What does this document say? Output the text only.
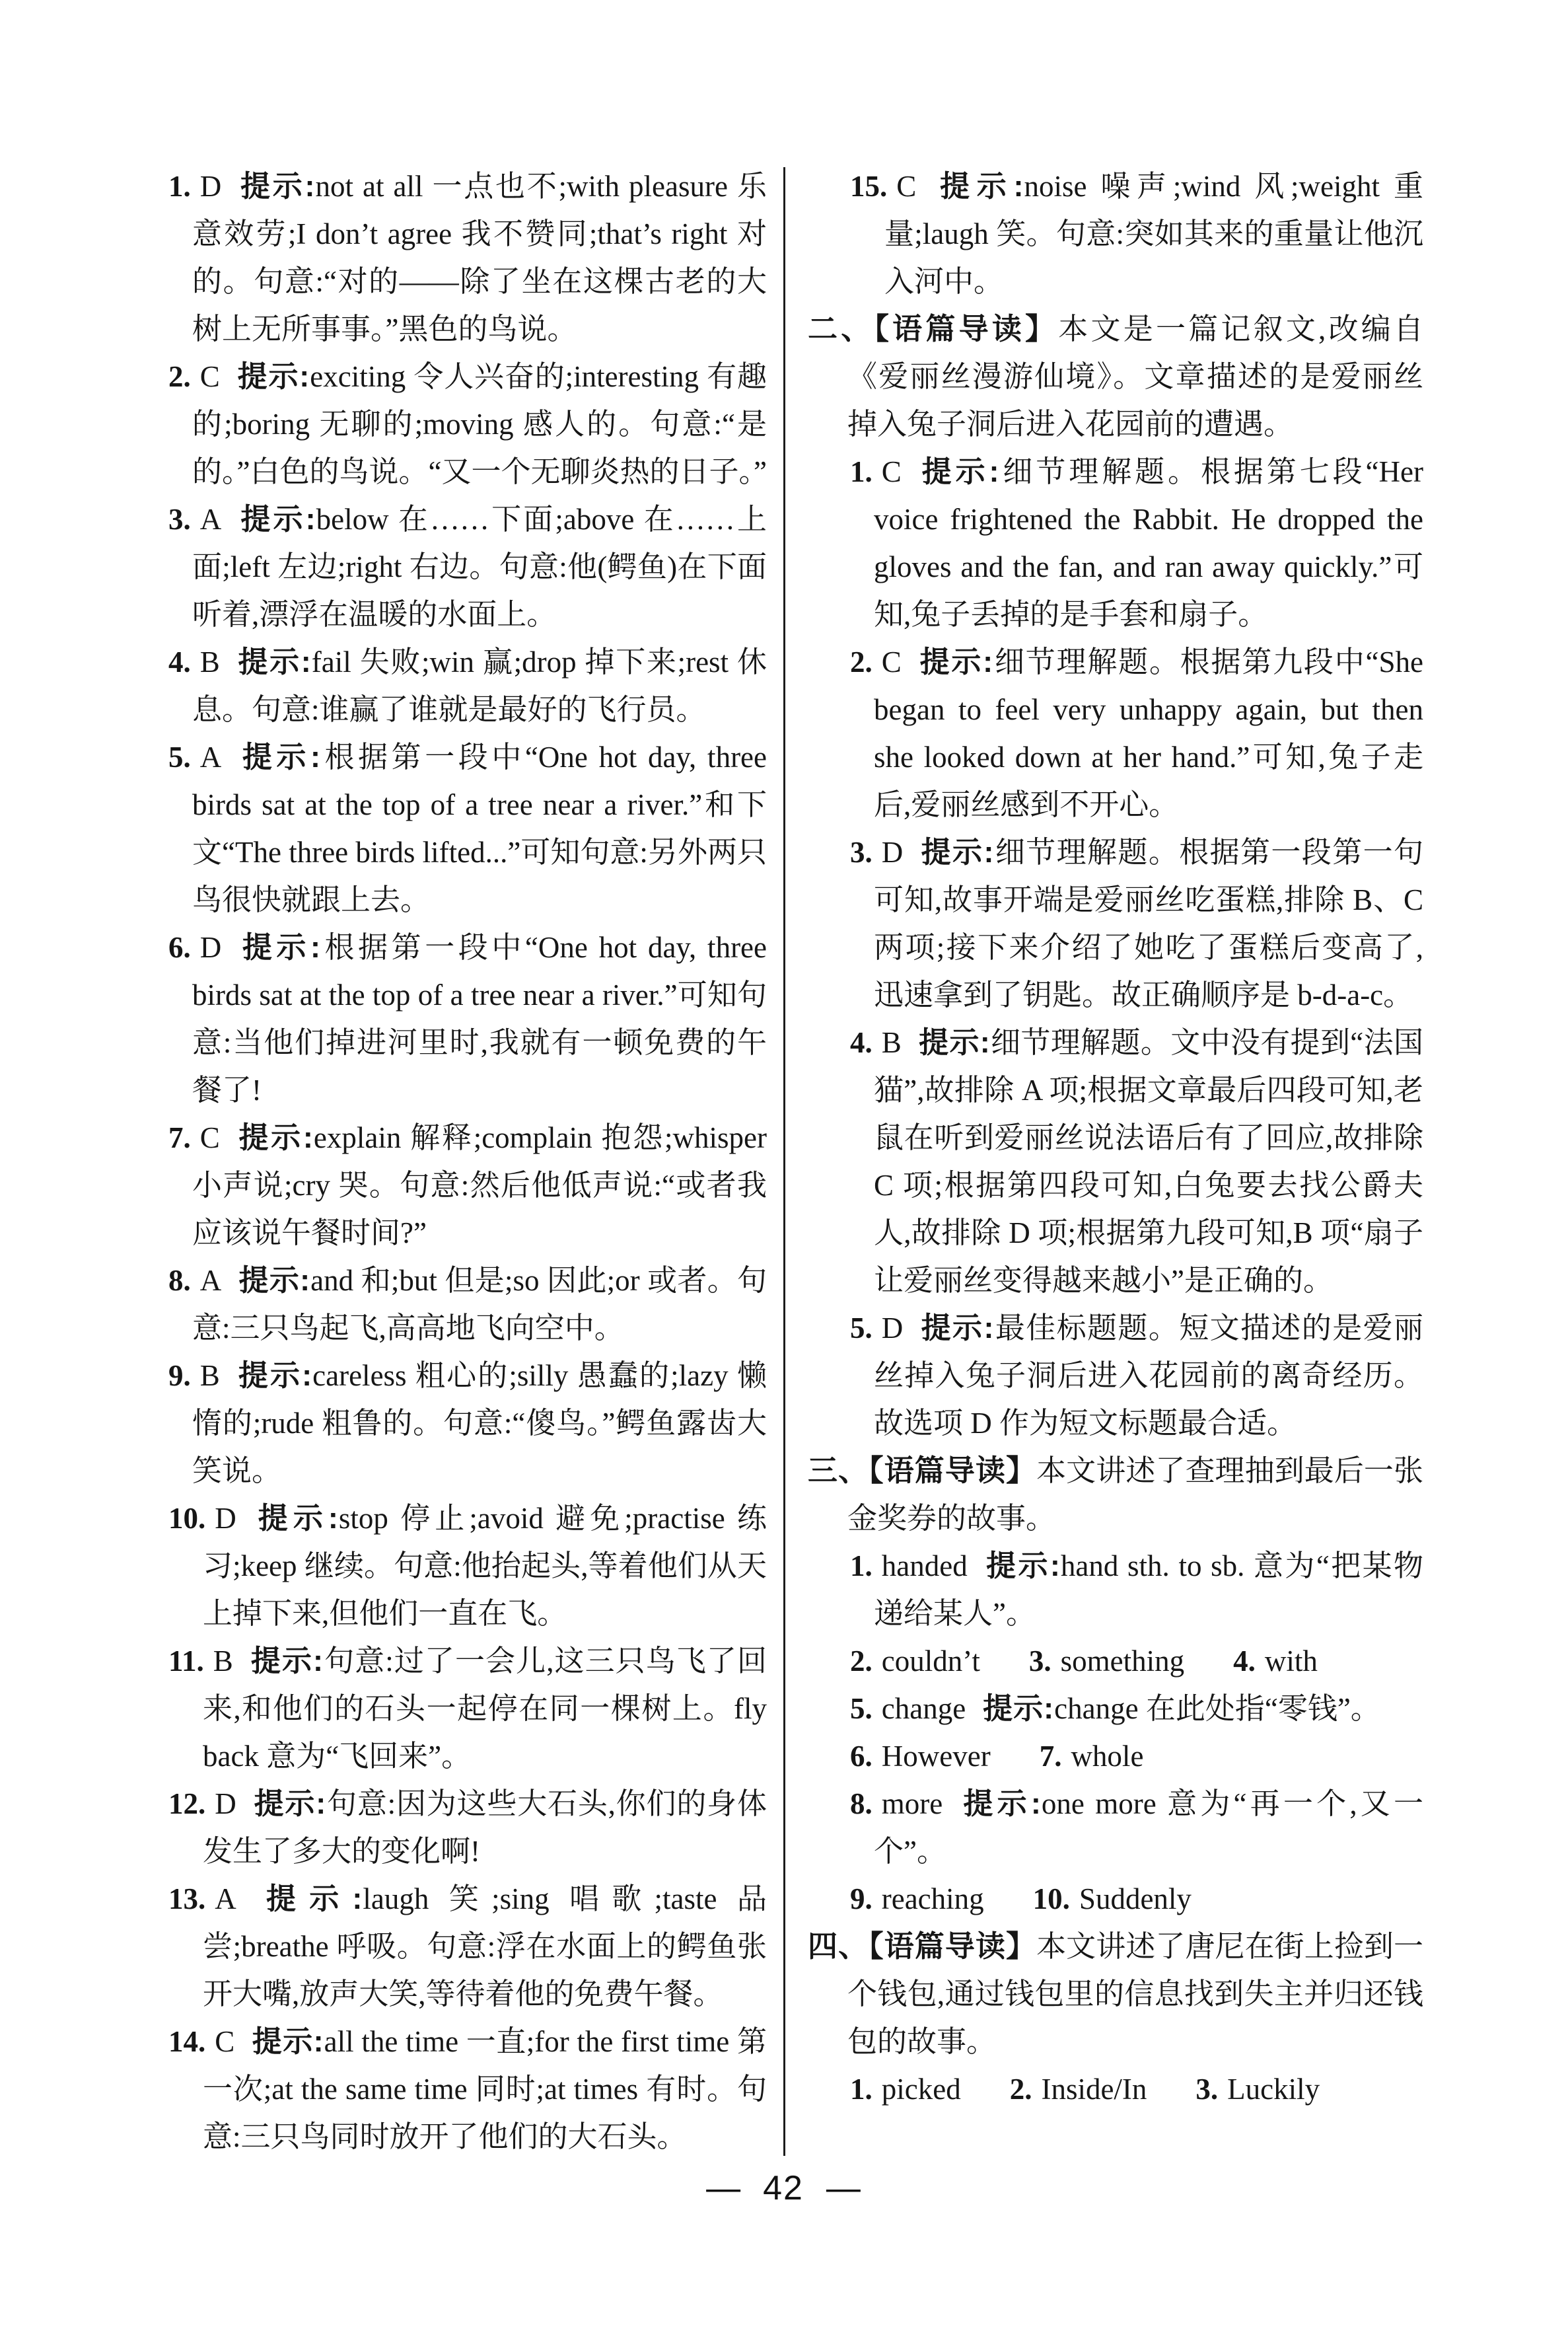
1. D 提示:not at all 一点也不;with pleasure 乐意效劳;I don’t agree 我不赞同;that’s right 对的。句意:“对的——除了坐在这棵古老的大树上无所事事。”黑色的鸟说。
2. C 提示:exciting 令人兴奋的;interesting 有趣的;boring 无聊的;moving 感人的。句意:“是的。”白色的鸟说。“又一个无聊炎热的日子。”
3. A 提示:below 在……下面;above 在……上面;left 左边;right 右边。句意:他(鳄鱼)在下面听着,漂浮在温暖的水面上。
4. B 提示:fail 失败;win 赢;drop 掉下来;rest 休息。句意:谁赢了谁就是最好的飞行员。
5. A 提示:根据第一段中“One hot day, three birds sat at the top of a tree near a river.”和下文“The three birds lifted...”可知句意:另外两只鸟很快就跟上去。
6. D 提示:根据第一段中“One hot day, three birds sat at the top of a tree near a river.”可知句意:当他们掉进河里时,我就有一顿免费的午餐了!
7. C 提示:explain 解释;complain 抱怨;whisper 小声说;cry 哭。句意:然后他低声说:“或者我应该说午餐时间?”
8. A 提示:and 和;but 但是;so 因此;or 或者。句意:三只鸟起飞,高高地飞向空中。
9. B 提示:careless 粗心的;silly 愚蠢的;lazy 懒惰的;rude 粗鲁的。句意:“傻鸟。”鳄鱼露齿大笑说。
10. D 提示:stop 停止;avoid 避免;practise 练习;keep 继续。句意:他抬起头,等着他们从天上掉下来,但他们一直在飞。
11. B 提示:句意:过了一会儿,这三只鸟飞了回来,和他们的石头一起停在同一棵树上。fly back 意为“飞回来”。
12. D 提示:句意:因为这些大石头,你们的身体发生了多大的变化啊!
13. A 提示:laugh 笑;sing 唱歌;taste 品尝;breathe 呼吸。句意:浮在水面上的鳄鱼张开大嘴,放声大笑,等待着他的免费午餐。
14. C 提示:all the time 一直;for the first time 第一次;at the same time 同时;at times 有时。句意:三只鸟同时放开了他们的大石头。
15. C 提示:noise 噪声;wind 风;weight 重量;laugh 笑。句意:突如其来的重量让他沉入河中。
二、【语篇导读】本文是一篇记叙文,改编自《爱丽丝漫游仙境》。文章描述的是爱丽丝掉入兔子洞后进入花园前的遭遇。
1. C 提示:细节理解题。根据第七段“Her voice frightened the Rabbit. He dropped the gloves and the fan, and ran away quickly.”可知,兔子丢掉的是手套和扇子。
2. C 提示:细节理解题。根据第九段中“She began to feel very unhappy again, but then she looked down at her hand.”可知,兔子走后,爱丽丝感到不开心。
3. D 提示:细节理解题。根据第一段第一句可知,故事开端是爱丽丝吃蛋糕,排除 B、C 两项;接下来介绍了她吃了蛋糕后变高了,迅速拿到了钥匙。故正确顺序是 b-d-a-c。
4. B 提示:细节理解题。文中没有提到“法国猫”,故排除 A 项;根据文章最后四段可知,老鼠在听到爱丽丝说法语后有了回应,故排除 C 项;根据第四段可知,白兔要去找公爵夫人,故排除 D 项;根据第九段可知,B 项“扇子让爱丽丝变得越来越小”是正确的。
5. D 提示:最佳标题题。短文描述的是爱丽丝掉入兔子洞后进入花园前的离奇经历。故选项 D 作为短文标题最合适。
三、【语篇导读】本文讲述了查理抽到最后一张金奖券的故事。
1. handed 提示:hand sth. to sb. 意为“把某物递给某人”。
2. couldn’t 3. something 4. with
5. change 提示:change 在此处指“零钱”。
6. However 7. whole
8. more 提示:one more 意为“再一个,又一个”。
9. reaching 10. Suddenly
四、【语篇导读】本文讲述了唐尼在街上捡到一个钱包,通过钱包里的信息找到失主并归还钱包的故事。
1. picked 2. Inside/In 3. Luckily
— 42 —
